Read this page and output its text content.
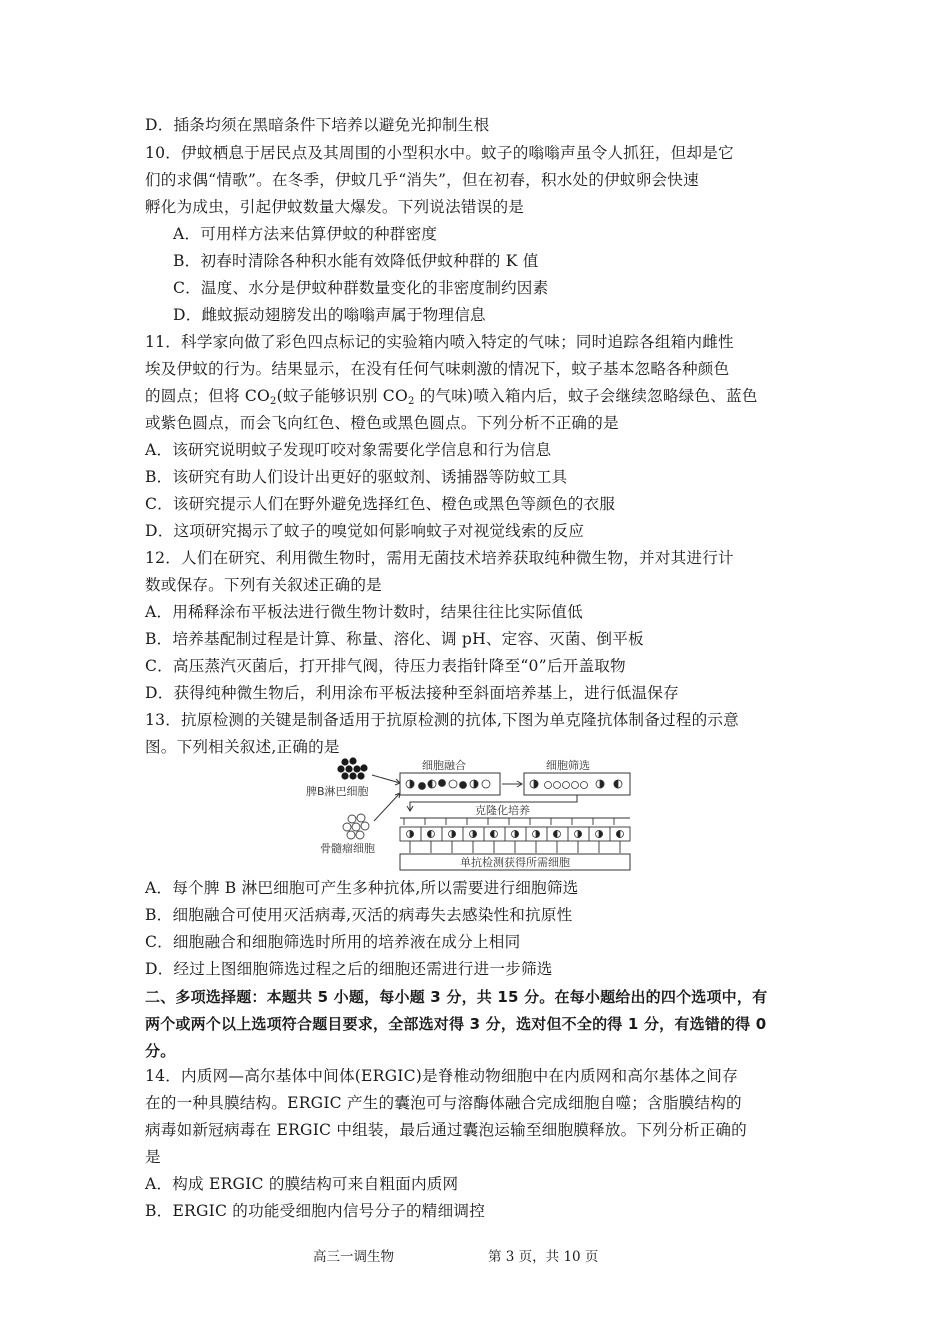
D．插条均须在黑暗条件下培养以避免光抑制生根
10．伊蚊栖息于居民点及其周围的小型积水中。蚊子的嗡嗡声虽令人抓狂，但却是它
们的求偶“情歌”。在冬季，伊蚊几乎“消失”，但在初春，积水处的伊蚊卵会快速
孵化为成虫，引起伊蚊数量大爆发。下列说法错误的是
A．可用样方法来估算伊蚊的种群密度
B．初春时清除各种积水能有效降低伊蚊种群的 K 值
C．温度、水分是伊蚊种群数量变化的非密度制约因素
D．雌蚊振动翅膀发出的嗡嗡声属于物理信息
11．科学家向做了彩色四点标记的实验箱内喷入特定的气味；同时追踪各组箱内雌性
埃及伊蚊的行为。结果显示，在没有任何气味刺激的情况下，蚊子基本忽略各种颜色
的圆点；但将 $CO_2$(蚊子能够识别 $CO_2$ 的气味)喷入箱内后，蚊子会继续忽略绿色、蓝色
或紫色圆点，而会飞向红色、橙色或黑色圆点。下列分析不正确的是
A．该研究说明蚊子发现叮咬对象需要化学信息和行为信息
B．该研究有助人们设计出更好的驱蚊剂、诱捕器等防蚊工具
C．该研究提示人们在野外避免选择红色、橙色或黑色等颜色的衣服
D．这项研究揭示了蚊子的嗅觉如何影响蚊子对视觉线索的反应
12．人们在研究、利用微生物时，需用无菌技术培养获取纯种微生物，并对其进行计
数或保存。下列有关叙述正确的是
A．用稀释涂布平板法进行微生物计数时，结果往往比实际值低
B．培养基配制过程是计算、称量、溶化、调 pH、定容、灭菌、倒平板
C．高压蒸汽灭菌后，打开排气阀，待压力表指针降至“0”后开盖取物
D．获得纯种微生物后，利用涂布平板法接种至斜面培养基上，进行低温保存
13．抗原检测的关键是制备适用于抗原检测的抗体,下图为单克隆抗体制备过程的示意
图。下列相关叙述,正确的是
脾B淋巴细胞
骨髓瘤细胞
细胞融合	细胞筛选
克隆化培养
单抗检测获得所需细胞
A．每个脾 B 淋巴细胞可产生多种抗体,所以需要进行细胞筛选
B．细胞融合可使用灭活病毒,灭活的病毒失去感染性和抗原性
C．细胞融合和细胞筛选时所用的培养液在成分上相同
D．经过上图细胞筛选过程之后的细胞还需进行进一步筛选
二、多项选择题：本题共 5 小题，每小题 3 分，共 15 分。在每小题给出的四个选项中，有
两个或两个以上选项符合题目要求，全部选对得 3 分，选对但不全的得 1 分，有选错的得 0
分。
14．内质网—高尔基体中间体(ERGIC)是脊椎动物细胞中在内质网和高尔基体之间存
在的一种具膜结构。ERGIC 产生的囊泡可与溶酶体融合完成细胞自噬；含脂膜结构的
病毒如新冠病毒在 ERGIC 中组装，最后通过囊泡运输至细胞膜释放。下列分析正确的
是
A．构成 ERGIC 的膜结构可来自粗面内质网
B．ERGIC 的功能受细胞内信号分子的精细调控
高三一调生物	第 3 页，共 10 页
